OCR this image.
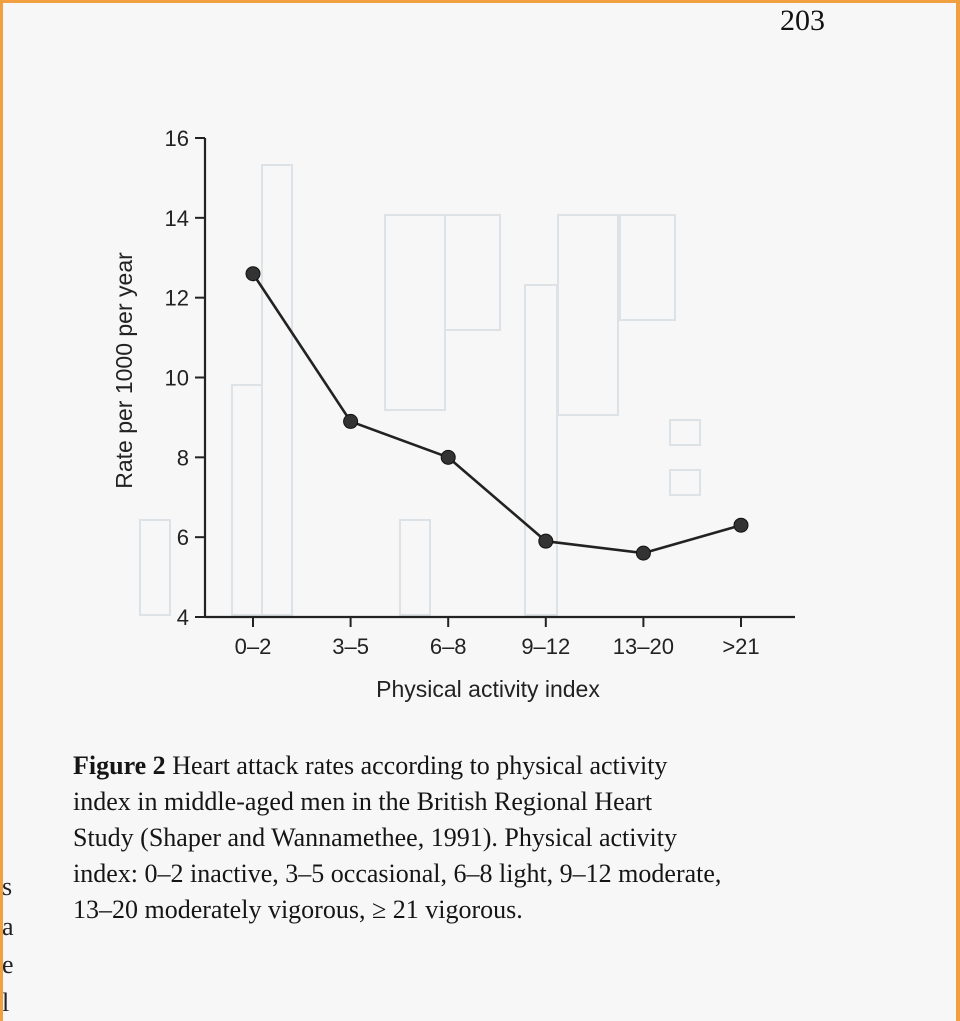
203
4
6
8
10
12
14
16
0–2	3–5	6–8 9–12 13–20 >21
Physical activity index
Rate per 1000 per year
Figure 2 Heart attack rates according to physical activity
index in middle-aged men in the British Regional Heart
Study (Shaper and Wannamethee, 1991). Physical activity
index: 0–2 inactive, 3–5 occasional, 6–8 light, 9–12 moderate,
13–20 moderately vigorous, ≥ 21 vigorous.
s
a
e
l
